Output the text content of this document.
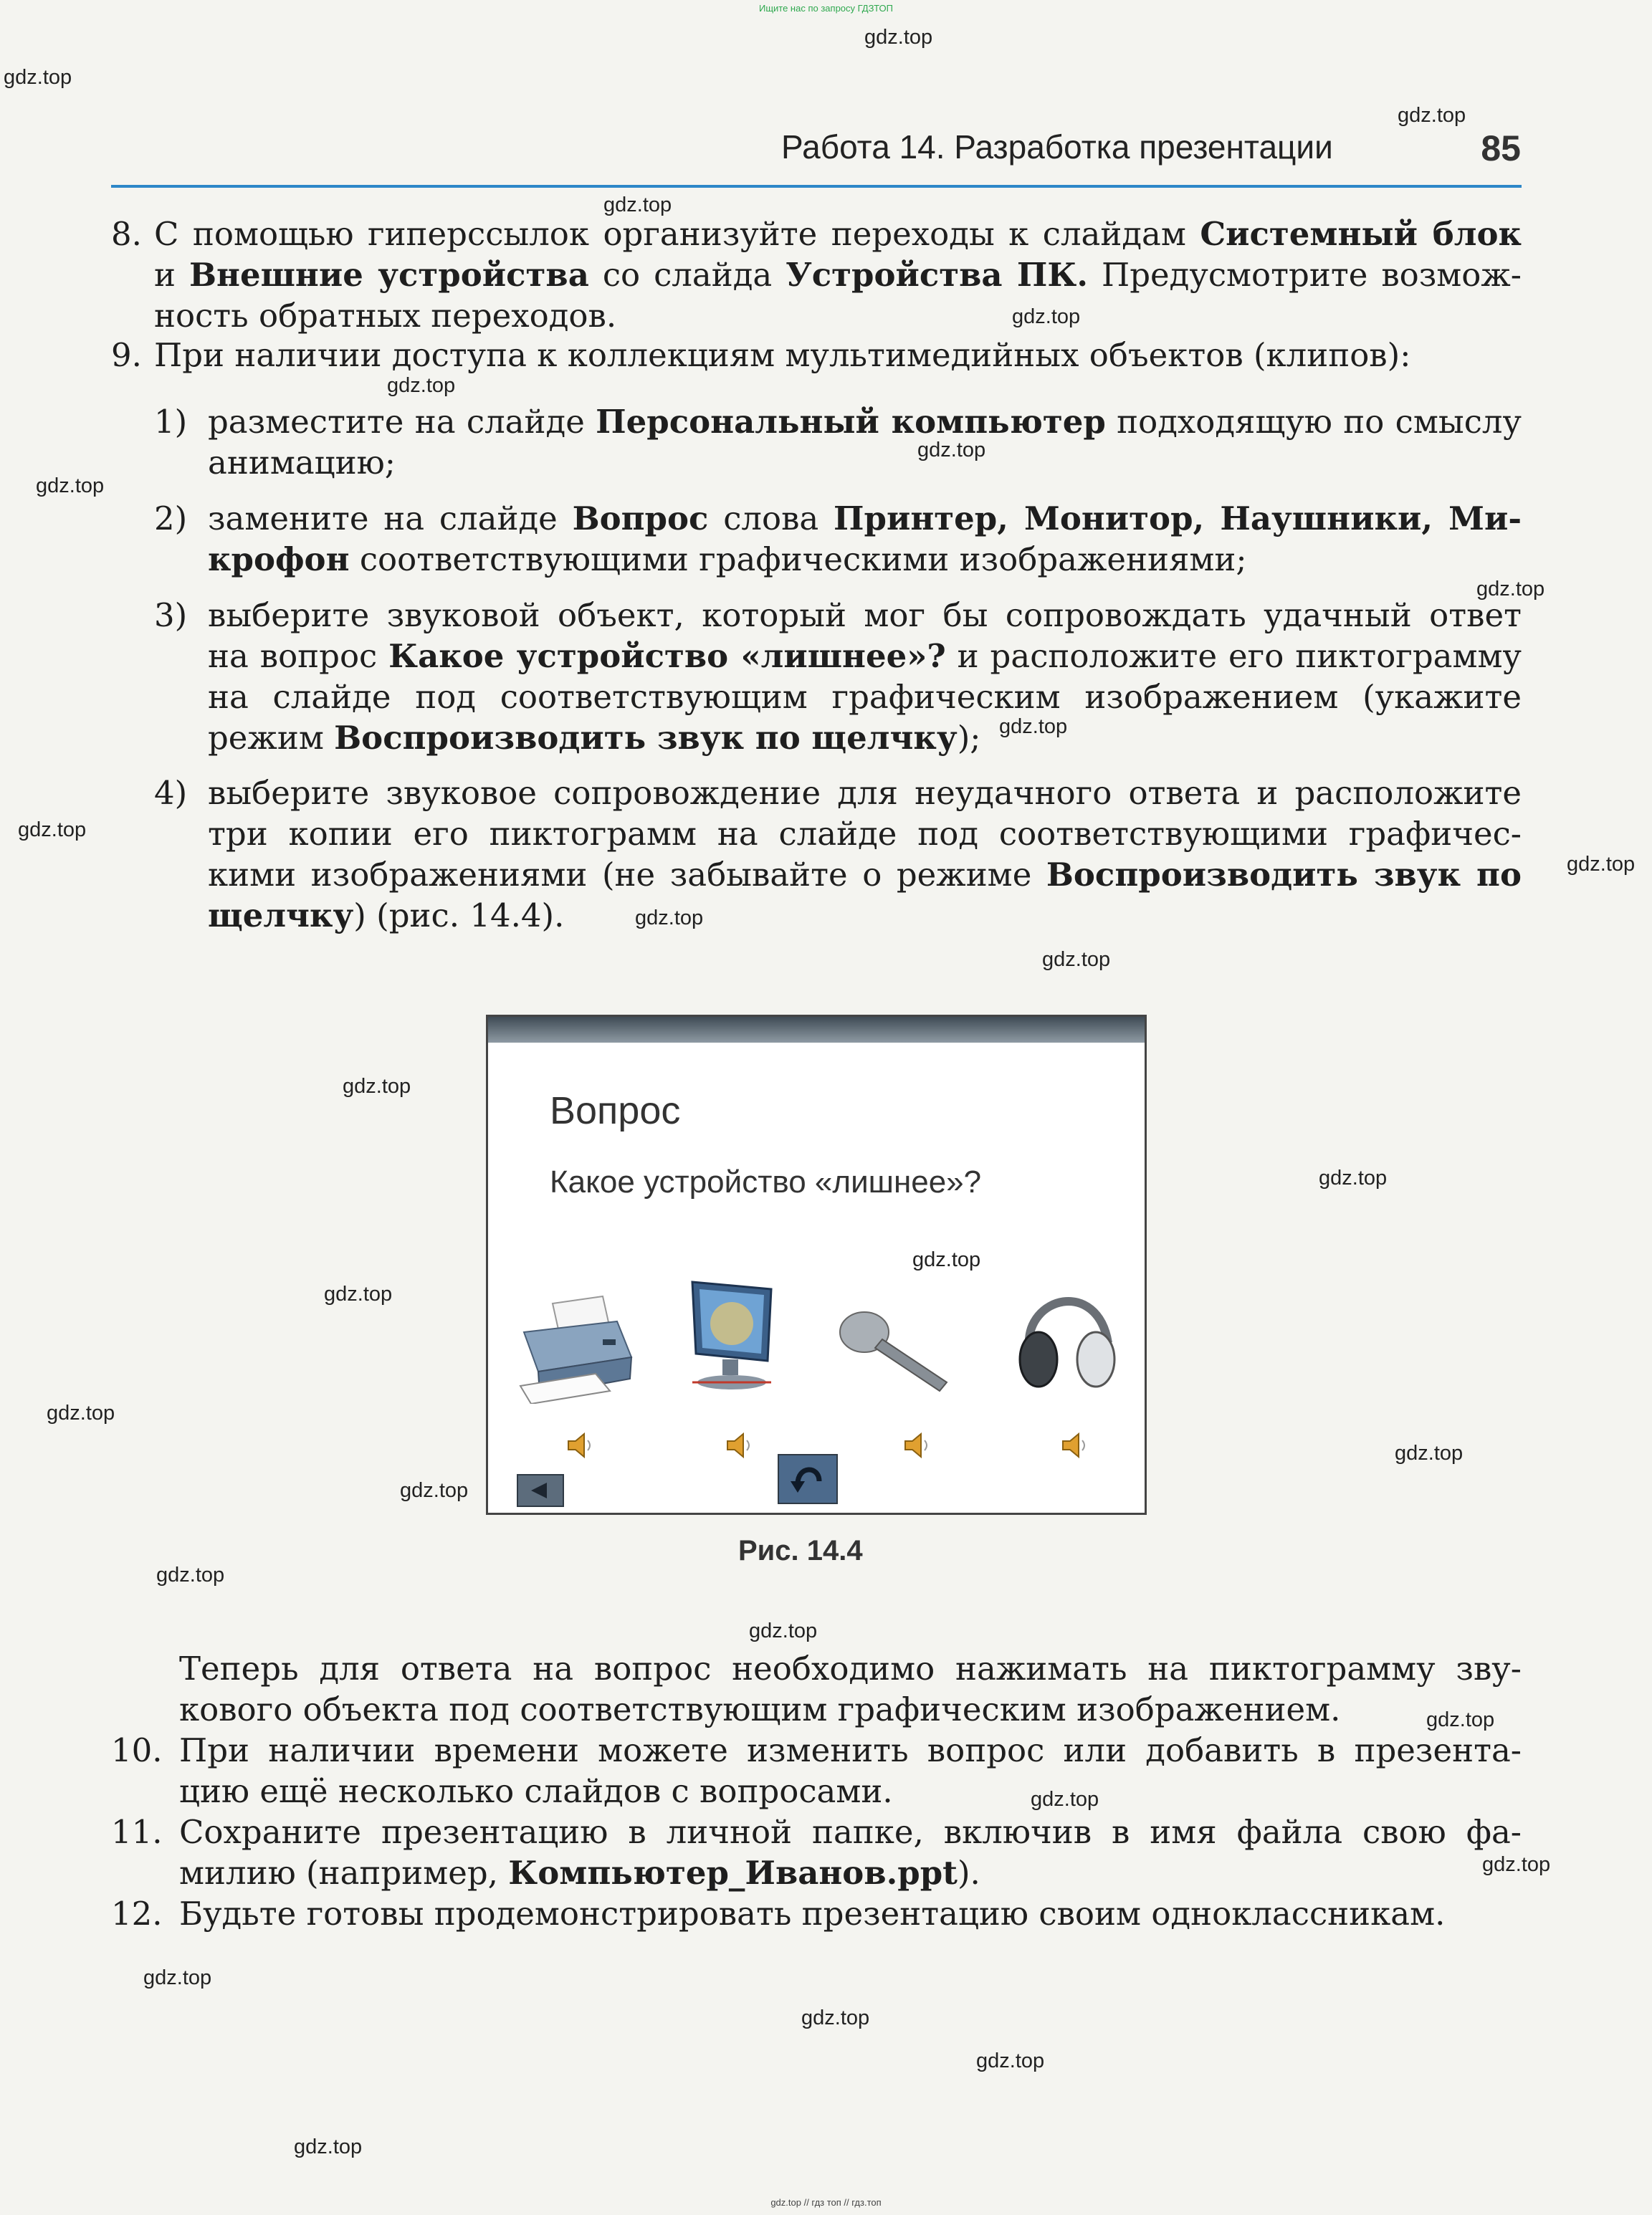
Ищите нас по запросу ГДЗТОП
Работа 14. Разработка презентации	85
8. С помощью гиперссылок организуйте переходы к слайдам Системный блок
и Внешние устройства со слайда Устройства ПК. Предусмотрите возмож-
ность обратных переходов.
9. При наличии доступа к коллекциям мультимедийных объектов (клипов):
1) разместите на слайде Персональный компьютер подходящую по смыслу
анимацию;
2) замените на слайде Вопрос слова Принтер, Монитор, Наушники, Ми-
крофон соответствующими графическими изображениями;
3) выберите звуковой объект, который мог бы сопровождать удачный ответ
на вопрос Какое устройство «лишнее»? и расположите его пиктограмму
на слайде под соответствующим графическим изображением (укажите
режим Воспроизводить звук по щелчку);
4) выберите звуковое сопровождение для неудачного ответа и расположите
три копии его пиктограмм на слайде под соответствующими графичес-
кими изображениями (не забывайте о режиме Воспроизводить звук по
щелчку) (рис. 14.4).
Вопрос
Какое устройство «лишнее»?
Рис. 14.4
Теперь для ответа на вопрос необходимо нажимать на пиктограмму зву-
кового объекта под соответствующим графическим изображением.
10. При наличии времени можете изменить вопрос или добавить в презента-
цию ещё несколько слайдов с вопросами.
11. Сохраните презентацию в личной папке, включив в имя файла свою фа-
милию (например, Компьютер_Иванов.ppt).
12. Будьте готовы продемонстрировать презентацию своим одноклассникам.
gdz.top
gdz.top
gdz.top
gdz.top
gdz.top
gdz.top
gdz.top
gdz.top
gdz.top
gdz.top
gdz.top
gdz.top
gdz.top
gdz.top
gdz.top
gdz.top
gdz.top
gdz.top
gdz.top
gdz.top
gdz.top
gdz.top
gdz.top
gdz.top
gdz.top
gdz.top
gdz.top
gdz.top
gdz.top
gdz.top
gdz.top // гдз топ // гдз.топ
